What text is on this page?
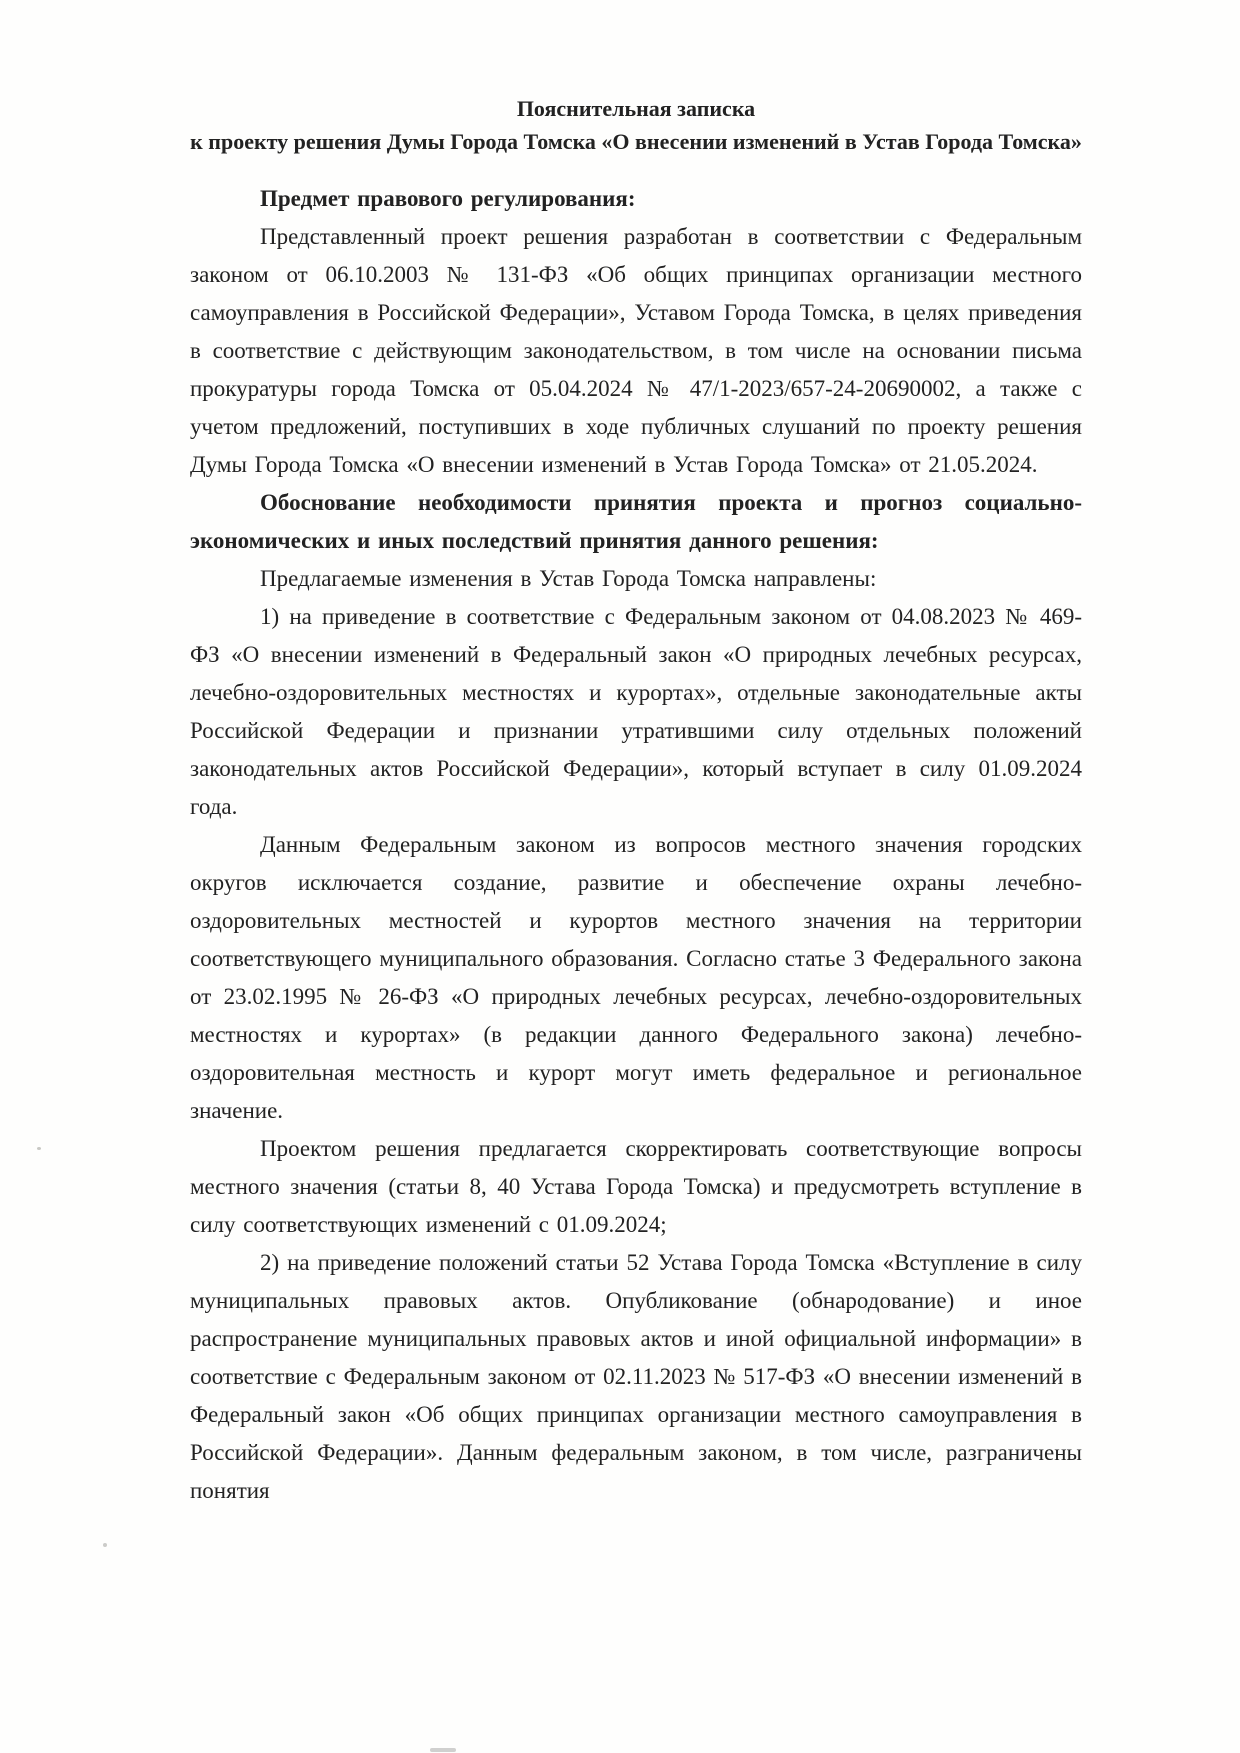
Пояснительная записка
к проекту решения Думы Города Томска «О внесении изменений в Устав Города Томска»

Предмет правового регулирования:

Представленный проект решения разработан в соответствии с Федеральным законом от 06.10.2003 № 131-ФЗ «Об общих принципах организации местного самоуправления в Российской Федерации», Уставом Города Томска, в целях приведения в соответствие с действующим законодательством, в том числе на основании письма прокуратуры города Томска от 05.04.2024 № 47/1-2023/657-24-20690002, а также с учетом предложений, поступивших в ходе публичных слушаний по проекту решения Думы Города Томска «О внесении изменений в Устав Города Томска» от 21.05.2024.

Обоснование необходимости принятия проекта и прогноз социально-экономических и иных последствий принятия данного решения:

Предлагаемые изменения в Устав Города Томска направлены:

1) на приведение в соответствие с Федеральным законом от 04.08.2023 № 469-ФЗ «О внесении изменений в Федеральный закон «О природных лечебных ресурсах, лечебно-оздоровительных местностях и курортах», отдельные законодательные акты Российской Федерации и признании утратившими силу отдельных положений законодательных актов Российской Федерации», который вступает в силу 01.09.2024 года.

Данным Федеральным законом из вопросов местного значения городских округов исключается создание, развитие и обеспечение охраны лечебно-оздоровительных местностей и курортов местного значения на территории соответствующего муниципального образования. Согласно статье 3 Федерального закона от 23.02.1995 № 26-ФЗ «О природных лечебных ресурсах, лечебно-оздоровительных местностях и курортах» (в редакции данного Федерального закона) лечебно-оздоровительная местность и курорт могут иметь федеральное и региональное значение.

Проектом решения предлагается скорректировать соответствующие вопросы местного значения (статьи 8, 40 Устава Города Томска) и предусмотреть вступление в силу соответствующих изменений с 01.09.2024;

2) на приведение положений статьи 52 Устава Города Томска «Вступление в силу муниципальных правовых актов. Опубликование (обнародование) и иное распространение муниципальных правовых актов и иной официальной информации» в соответствие с Федеральным законом от 02.11.2023 № 517-ФЗ «О внесении изменений в Федеральный закон «Об общих принципах организации местного самоуправления в Российской Федерации». Данным федеральным законом, в том числе, разграничены понятия
